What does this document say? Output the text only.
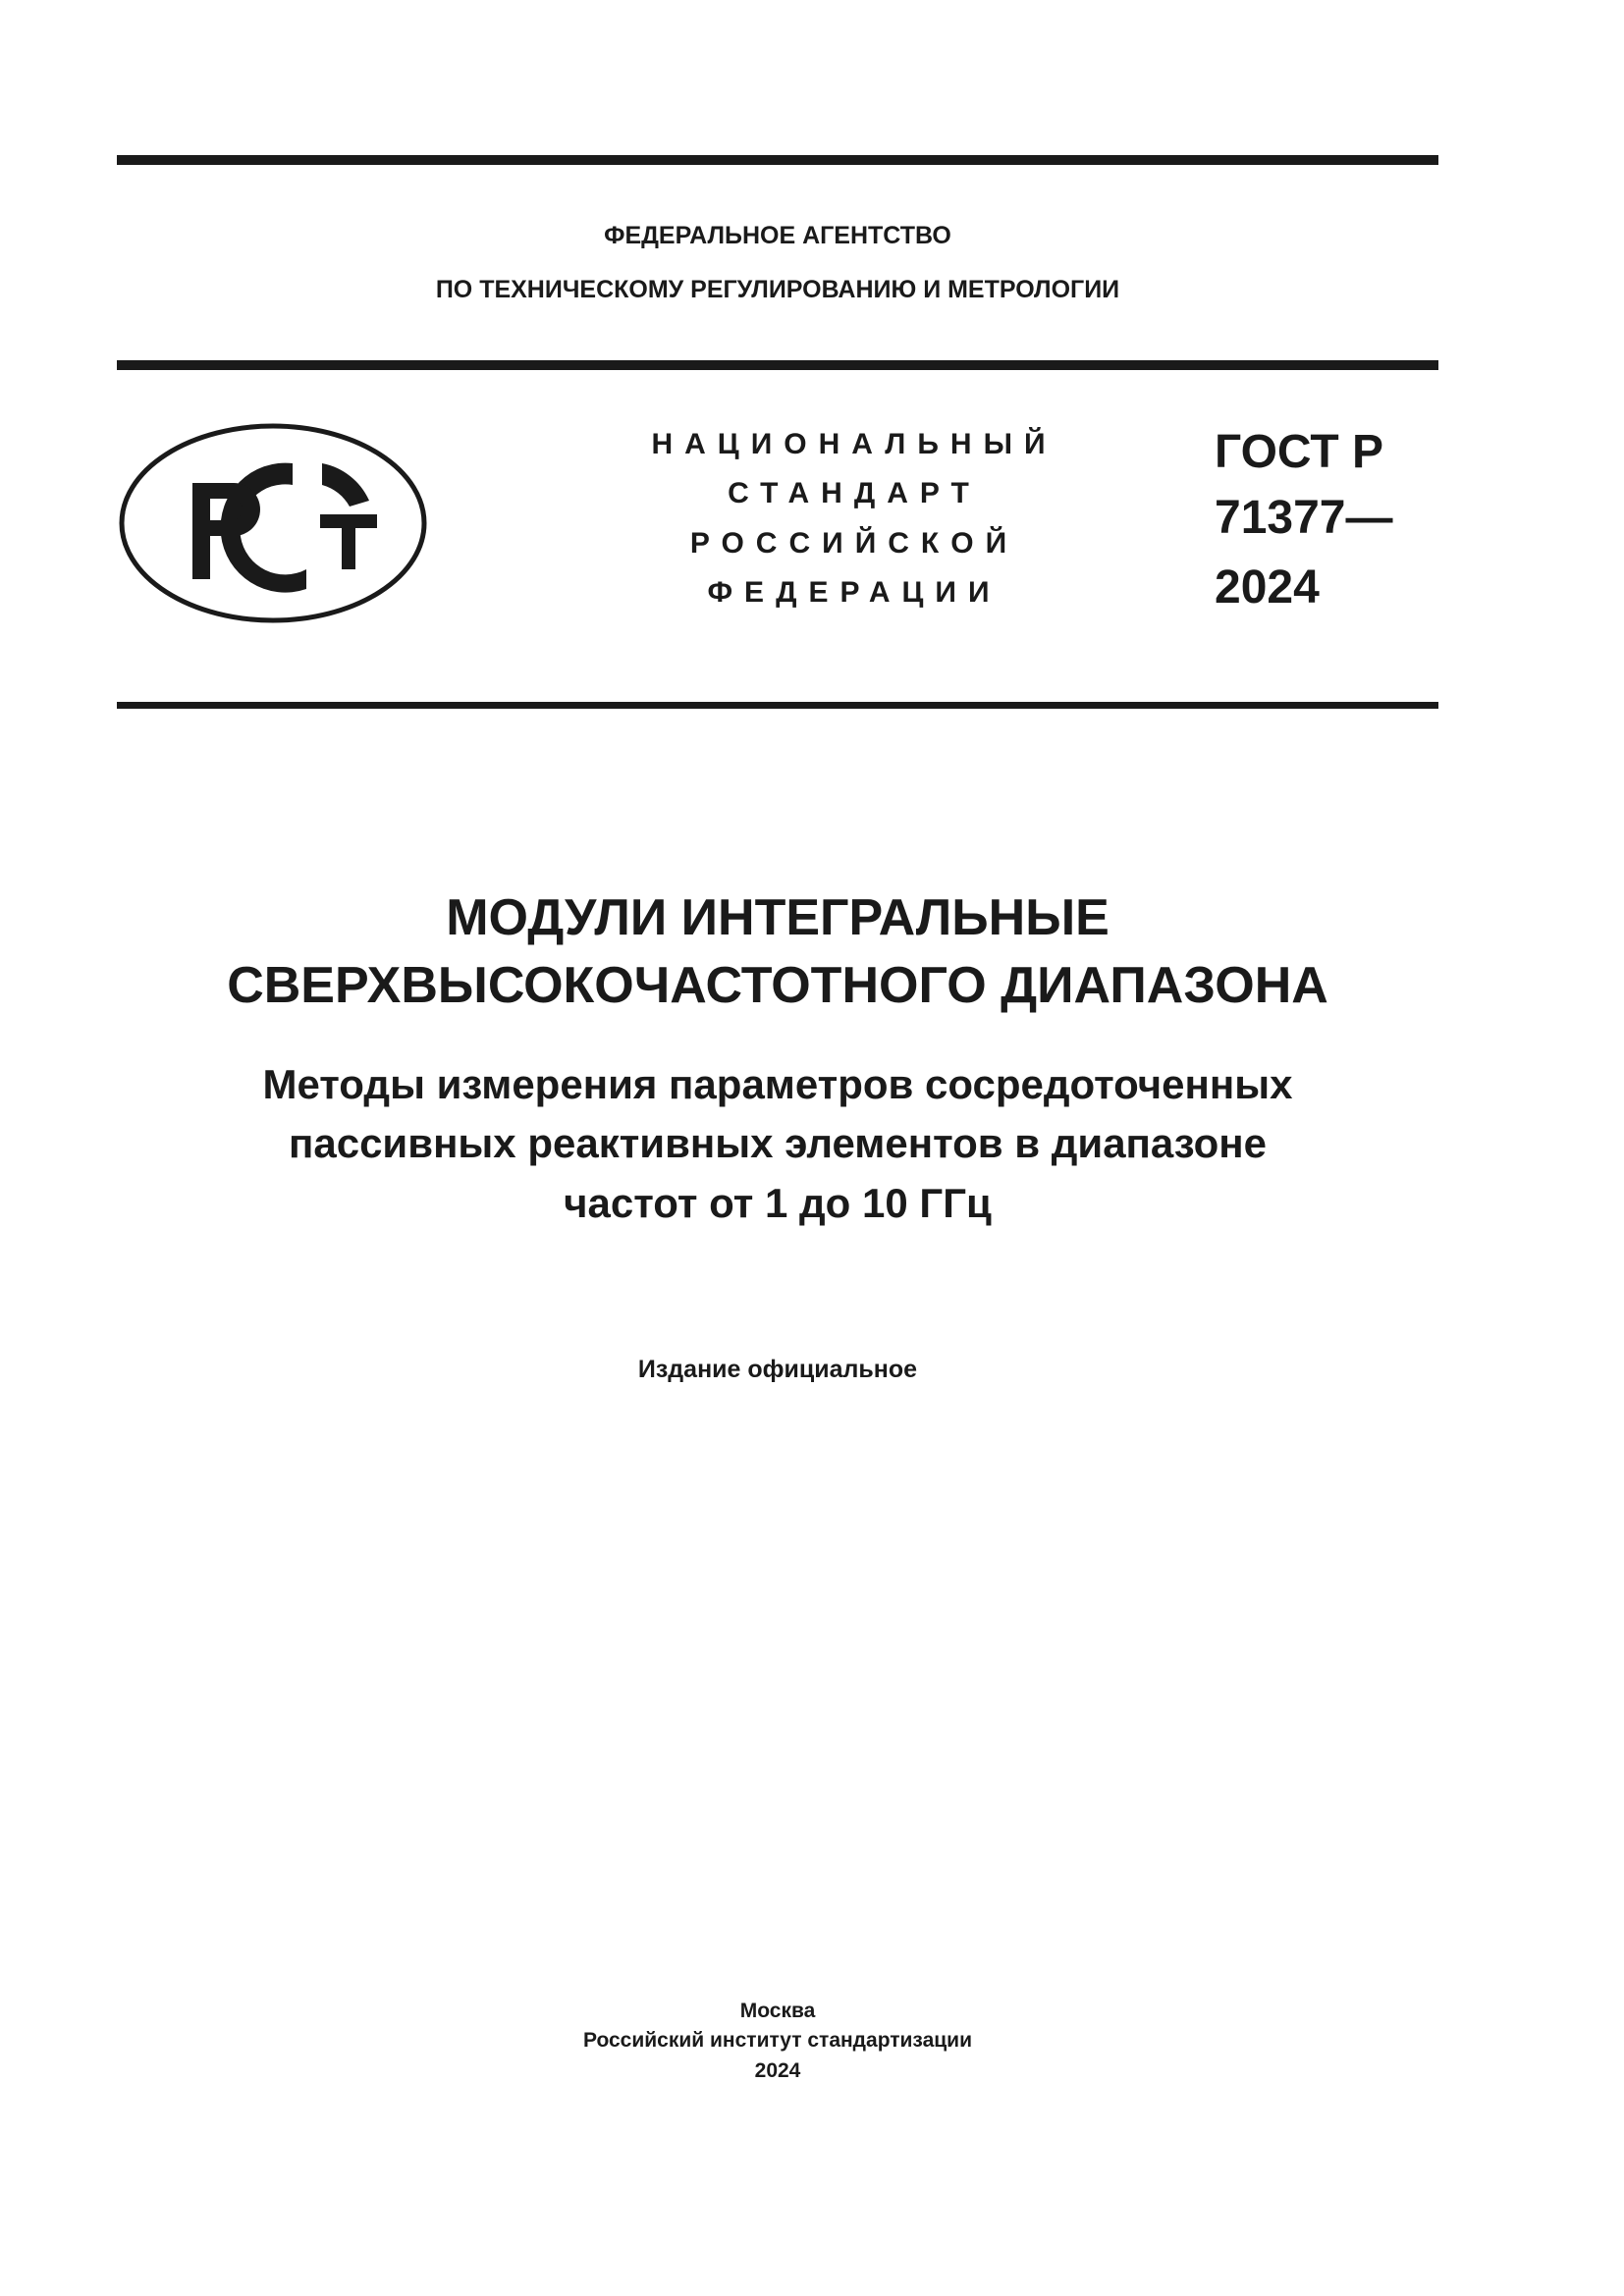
ФЕДЕРАЛЬНОЕ АГЕНТСТВО
ПО ТЕХНИЧЕСКОМУ РЕГУЛИРОВАНИЮ И МЕТРОЛОГИИ
НАЦИОНАЛЬНЫЙ
СТАНДАРТ
РОССИЙСКОЙ
ФЕДЕРАЦИИ
ГОСТ Р
71377—
2024
МОДУЛИ ИНТЕГРАЛЬНЫЕ
СВЕРХВЫСОКОЧАСТОТНОГО ДИАПАЗОНА
Методы измерения параметров сосредоточенных
пассивных реактивных элементов в диапазоне
частот от 1 до 10 ГГц
Издание официальное
Москва
Российский институт стандартизации
2024
